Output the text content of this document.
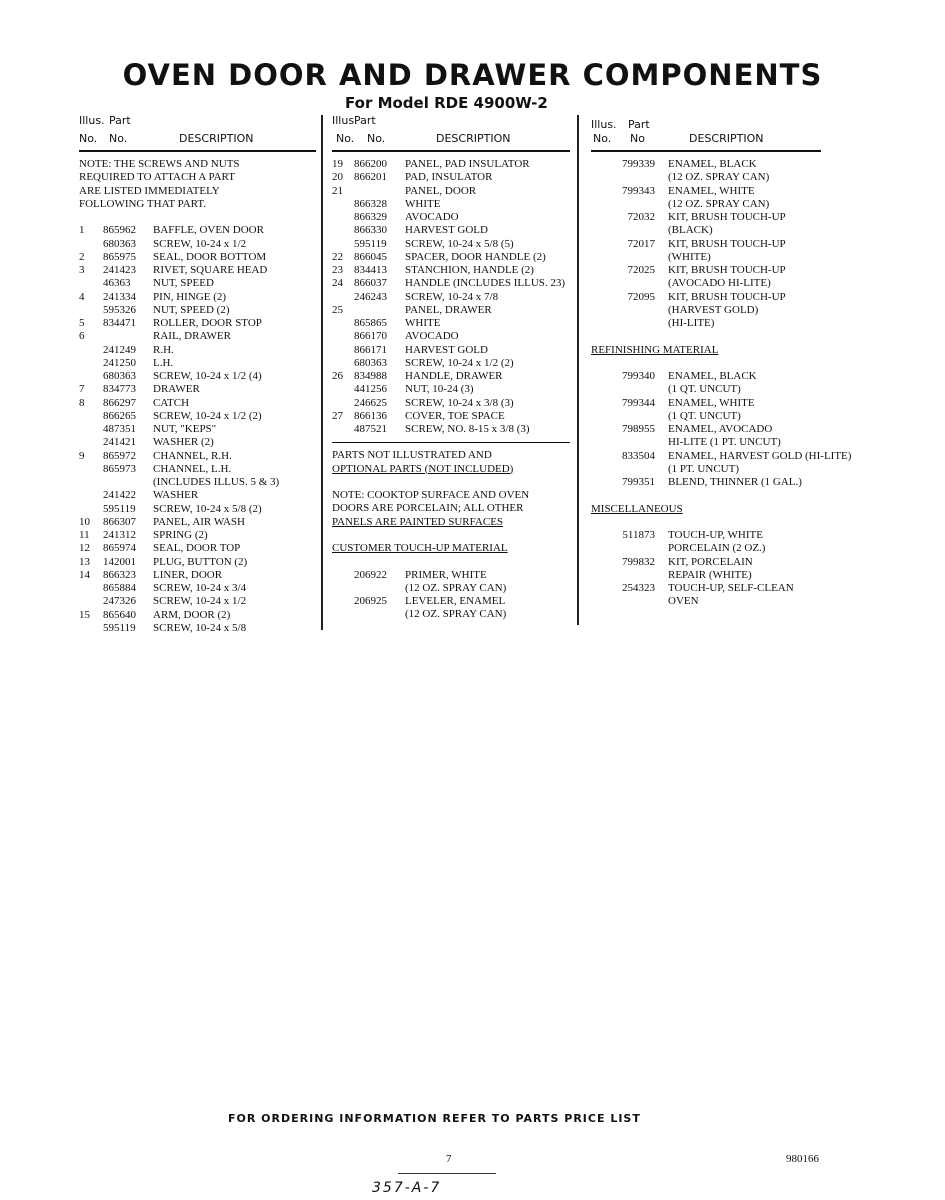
OVEN DOOR AND DRAWER COMPONENTS
For Model RDE 4900W-2
Illus. Part
No. No.	DESCRIPTION
NOTE: THE SCREWS AND NUTS
REQUIRED TO ATTACH A PART
ARE LISTED IMMEDIATELY
FOLLOWING THAT PART.
1 865962 BAFFLE, OVEN DOOR
680363 SCREW, 10-24 x 1/2
2 865975 SEAL, DOOR BOTTOM
3 241423 RIVET, SQUARE HEAD
46363 NUT, SPEED
4 241334 PIN, HINGE (2)
595326 NUT, SPEED (2)
5 834471 ROLLER, DOOR STOP
6	RAIL, DRAWER
241249 R.H.
241250 L.H.
680363 SCREW, 10-24 x 1/2 (4)
7 834773 DRAWER
8 866297 CATCH
866265 SCREW, 10-24 x 1/2 (2)
487351 NUT, "KEPS"
241421 WASHER (2)
9 865972 CHANNEL, R.H.
865973 CHANNEL, L.H.
(INCLUDES ILLUS. 5 & 3)
241422 WASHER
595119 SCREW, 10-24 x 5/8 (2)
10 866307 PANEL, AIR WASH
11 241312 SPRING (2)
12 865974 SEAL, DOOR TOP
13 142001 PLUG, BUTTON (2)
14 866323 LINER, DOOR
865884 SCREW, 10-24 x 3/4
247326 SCREW, 10-24 x 1/2
15 865640 ARM, DOOR (2)
595119 SCREW, 10-24 x 5/8
Illus.
Part
No. No.	DESCRIPTION
19 866200 PANEL, PAD INSULATOR
20 866201 PAD, INSULATOR
21	PANEL, DOOR
866328 WHITE
866329 AVOCADO
866330 HARVEST GOLD
595119 SCREW, 10-24 x 5/8 (5)
22 866045 SPACER, DOOR HANDLE (2)
23 834413 STANCHION, HANDLE (2)
24 866037 HANDLE (INCLUDES ILLUS. 23)
246243 SCREW, 10-24 x 7/8
25	PANEL, DRAWER
865865 WHITE
866170 AVOCADO
866171 HARVEST GOLD
680363 SCREW, 10-24 x 1/2 (2)
26 834988 HANDLE, DRAWER
441256 NUT, 10-24 (3)
246625 SCREW, 10-24 x 3/8 (3)
27 866136 COVER, TOE SPACE
487521 SCREW, NO. 8-15 x 3/8 (3)
PARTS NOT ILLUSTRATED AND
OPTIONAL PARTS (NOT INCLUDED)
NOTE: COOKTOP SURFACE AND OVEN
DOORS ARE PORCELAIN; ALL OTHER
PANELS ARE PAINTED SURFACES
CUSTOMER TOUCH-UP MATERIAL
206922 PRIMER, WHITE
(12 OZ. SPRAY CAN)
206925 LEVELER, ENAMEL
(12 OZ. SPRAY CAN)
Illus. Part
No. No	DESCRIPTION
799339 ENAMEL, BLACK
(12 OZ. SPRAY CAN)
799343 ENAMEL, WHITE
(12 OZ. SPRAY CAN)
72032 KIT, BRUSH TOUCH-UP
(BLACK)
72017 KIT, BRUSH TOUCH-UP
(WHITE)
72025 KIT, BRUSH TOUCH-UP
(AVOCADO HI-LITE)
72095 KIT, BRUSH TOUCH-UP
(HARVEST GOLD)
(HI-LITE)
REFINISHING MATERIAL
799340 ENAMEL, BLACK
(1 QT. UNCUT)
799344 ENAMEL, WHITE
(1 QT. UNCUT)
798955 ENAMEL, AVOCADO
HI-LITE (1 PT. UNCUT)
833504 ENAMEL, HARVEST GOLD (HI-LITE)
(1 PT. UNCUT)
799351 BLEND, THINNER (1 GAL.)
MISCELLANEOUS
511873 TOUCH-UP, WHITE
PORCELAIN (2 OZ.)
799832 KIT, PORCELAIN
REPAIR (WHITE)
254323 TOUCH-UP, SELF-CLEAN
OVEN
FOR ORDERING INFORMATION REFER TO PARTS PRICE LIST
7	980166
357-A-7
